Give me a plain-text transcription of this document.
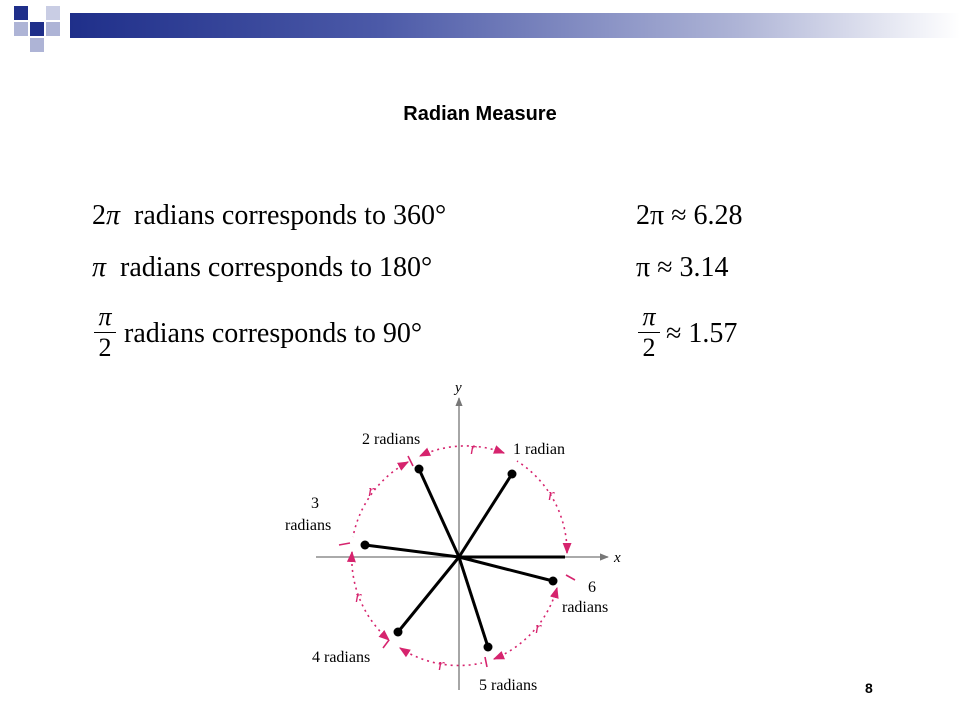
Radian Measure
2π radians corresponds to 360°	2π ≈ 6.28
π radians corresponds to 180°	π ≈ 3.14
π
2 radians corresponds to 90°
π
2 ≈ 1.57
x
y
r
r
r
r
r
r
1 radian
2 radians
3
radians
4 radians
5 radians
6
radians
8
